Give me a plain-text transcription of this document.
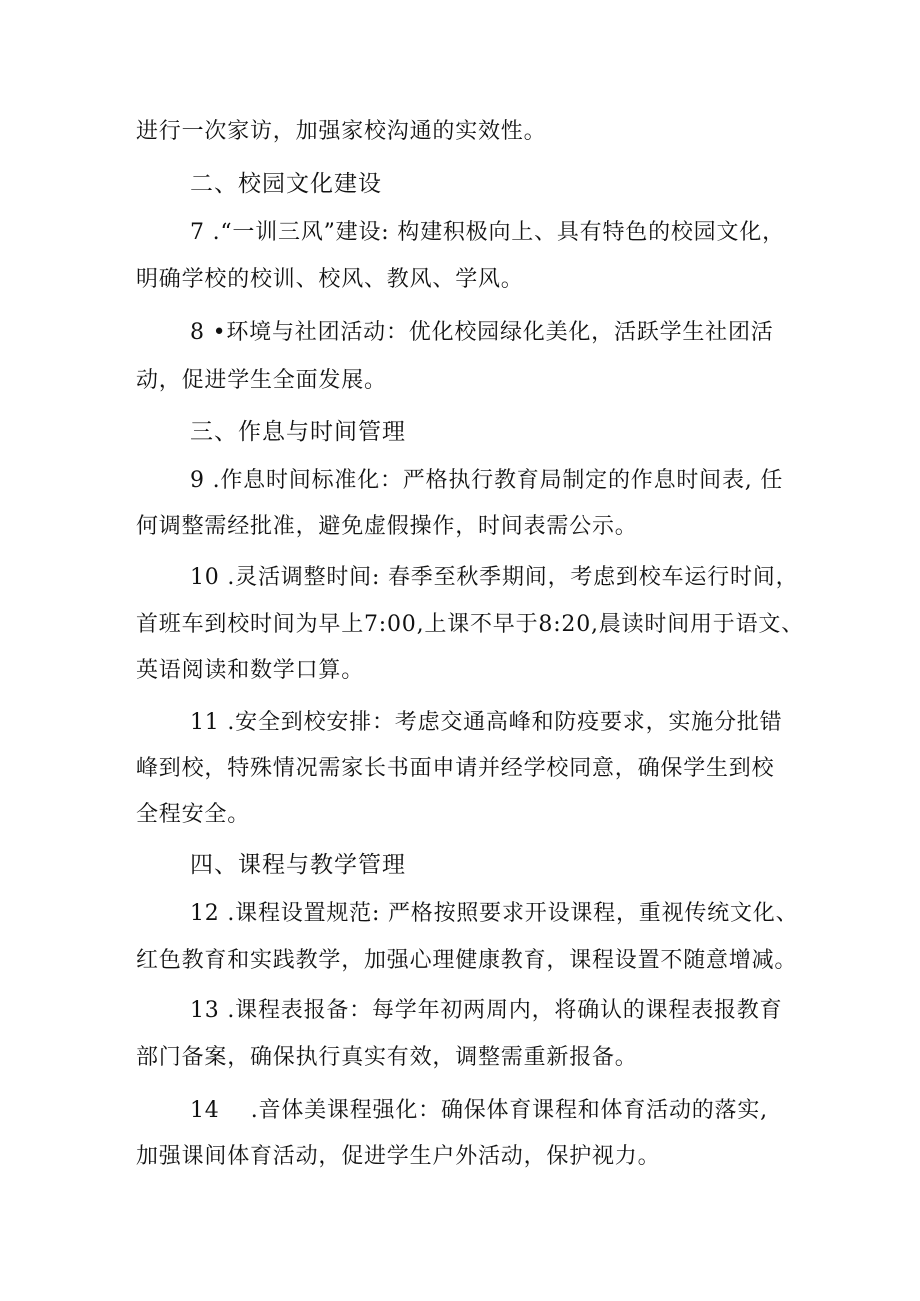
进行一次家访，加强家校沟通的实效性。
二、校园文化建设
7 .“一训三风”建设: 构建积极向上、具有特色的校园文化，
明确学校的校训、校风、教风、学风。
8 •环境与社团活动：优化校园绿化美化，活跃学生社团活
动，促进学生全面发展。
三、作息与时间管理
9 .作息时间标准化：严格执行教育局制定的作息时间表, 任
何调整需经批准，避免虚假操作，时间表需公示。
10 .灵活调整时间: 春季至秋季期间，考虑到校车运行时间，
首班车到校时间为早上7:00,上课不早于8:20,晨读时间用于语文、
英语阅读和数学口算。
11 .安全到校安排：考虑交通高峰和防疫要求，实施分批错
峰到校，特殊情况需家长书面申请并经学校同意，确保学生到校
全程安全。
四、课程与教学管理
12 .课程设置规范: 严格按照要求开设课程，重视传统文化、
红色教育和实践教学，加强心理健康教育，课程设置不随意增减。
13 .课程表报备：每学年初两周内，将确认的课程表报教育
部门备案，确保执行真实有效，调整需重新报备。
14    .音体美课程强化：确保体育课程和体育活动的落实,
加强课间体育活动，促进学生户外活动，保护视力。
